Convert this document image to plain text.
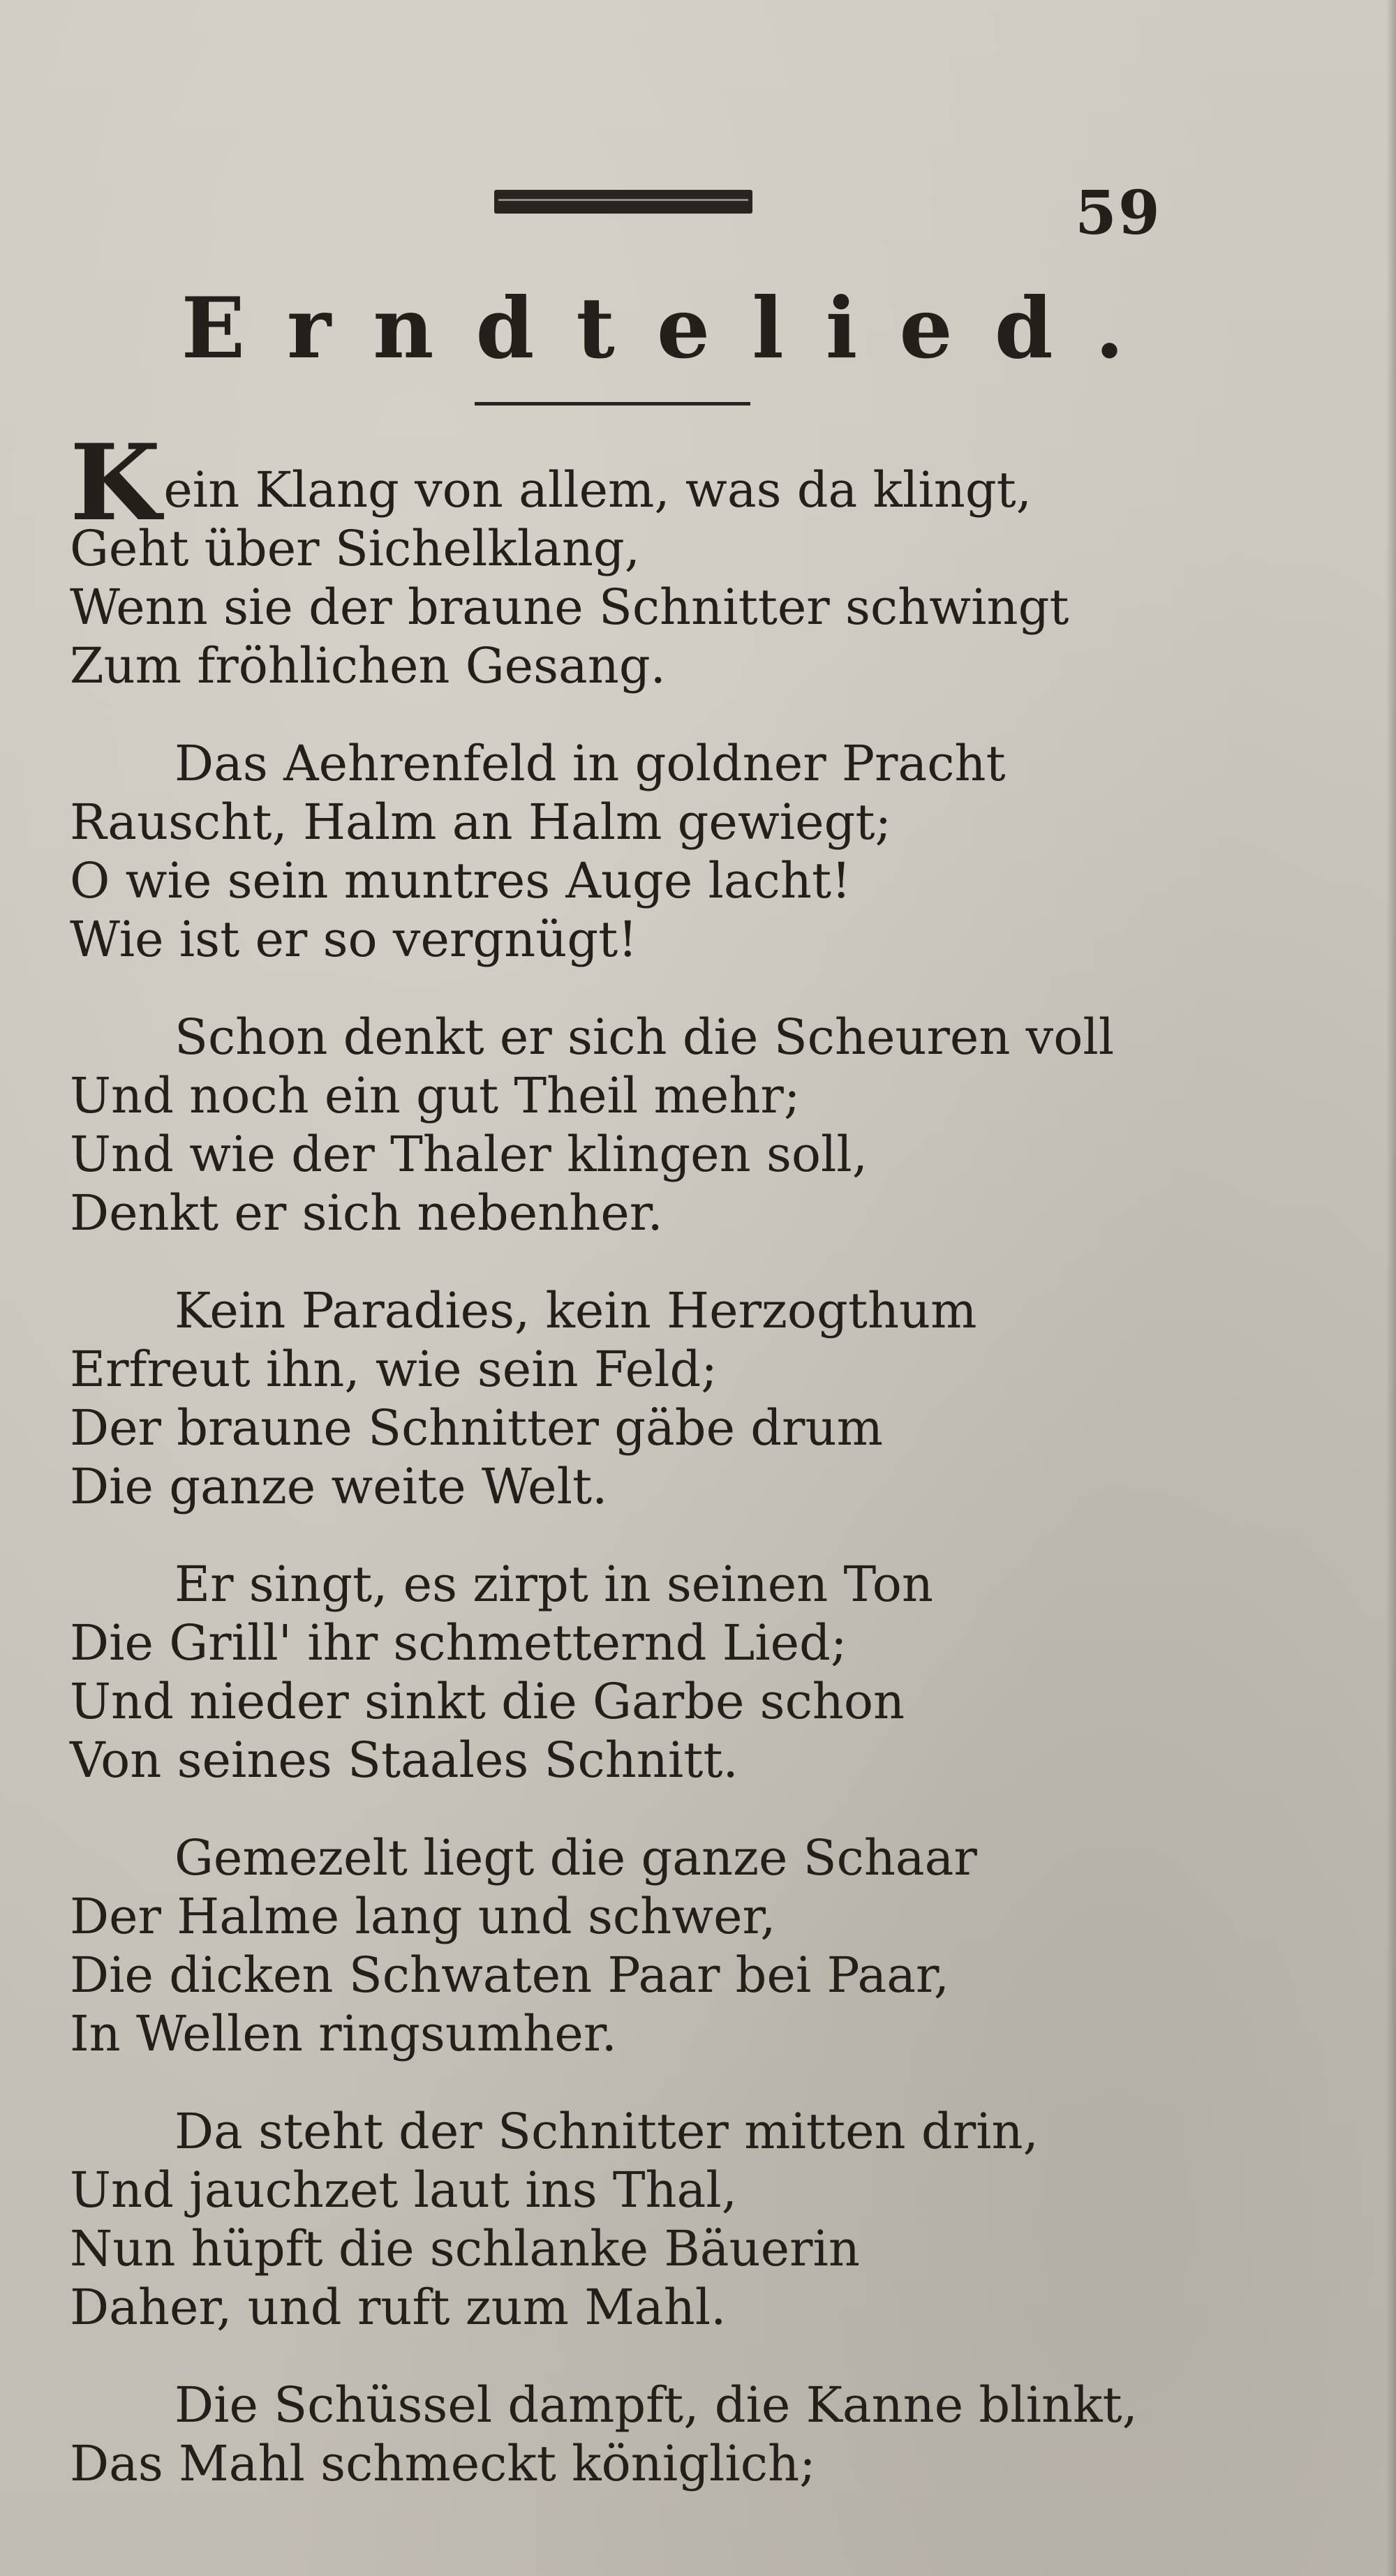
59
Erndtelied.
Kein Klang von allem, was da klingt,
Geht über Sichelklang,
Wenn sie der braune Schnitter schwingt
Zum fröhlichen Gesang.
Das Aehrenfeld in goldner Pracht
Rauscht, Halm an Halm gewiegt;
O wie sein muntres Auge lacht!
Wie ist er so vergnügt!
Schon denkt er sich die Scheuren voll
Und noch ein gut Theil mehr;
Und wie der Thaler klingen soll,
Denkt er sich nebenher.
Kein Paradies, kein Herzogthum
Erfreut ihn, wie sein Feld;
Der braune Schnitter gäbe drum
Die ganze weite Welt.
Er singt, es zirpt in seinen Ton
Die Grill' ihr schmetternd Lied;
Und nieder sinkt die Garbe schon
Von seines Staales Schnitt.
Gemezelt liegt die ganze Schaar
Der Halme lang und schwer,
Die dicken Schwaten Paar bei Paar,
In Wellen ringsumher.
Da steht der Schnitter mitten drin,
Und jauchzet laut ins Thal,
Nun hüpft die schlanke Bäuerin
Daher, und ruft zum Mahl.
Die Schüssel dampft, die Kanne blinkt,
Das Mahl schmeckt königlich;
